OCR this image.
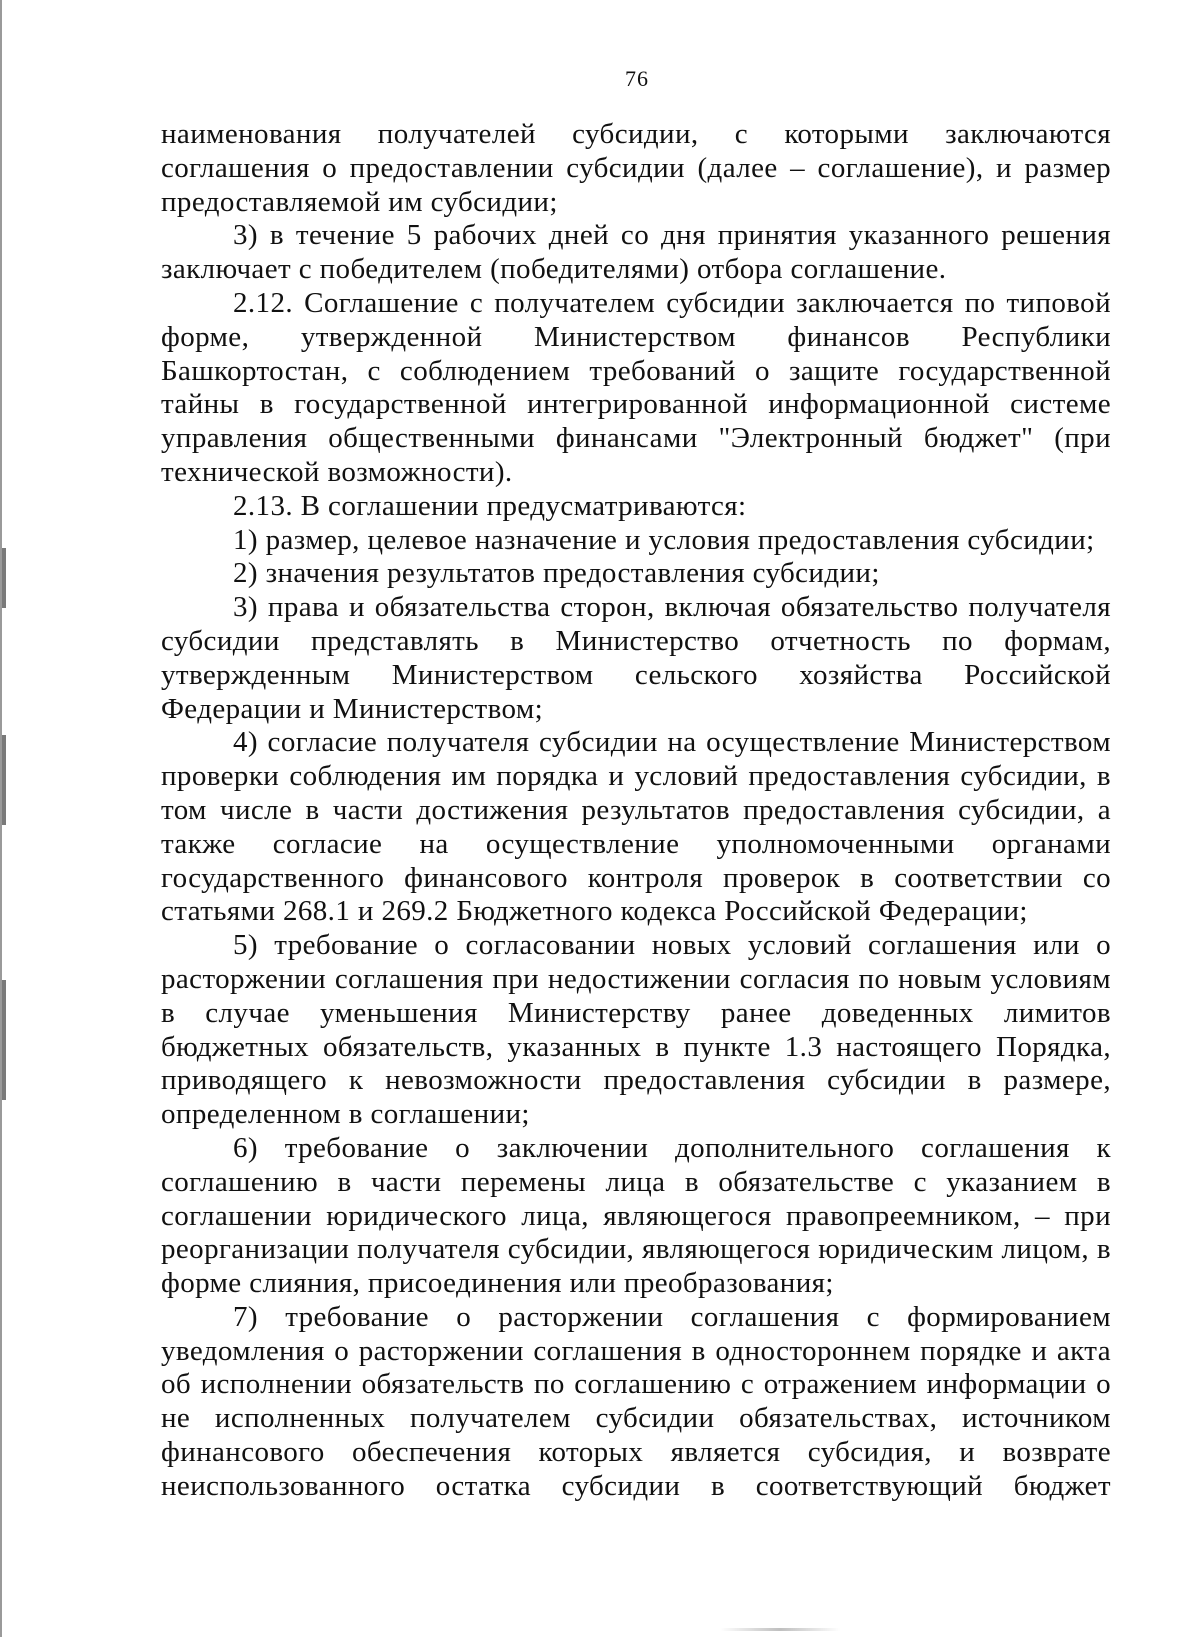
76

наименования получателей субсидии, с которыми заключаются соглашения о предоставлении субсидии (далее – соглашение), и размер предоставляемой им субсидии;

3) в течение 5 рабочих дней со дня принятия указанного решения заключает с победителем (победителями) отбора соглашение.

2.12. Соглашение с получателем субсидии заключается по типовой форме, утвержденной Министерством финансов Республики Башкортостан, с соблюдением требований о защите государственной тайны в государственной интегрированной информационной системе управления общественными финансами "Электронный бюджет" (при технической возможности).

2.13. В соглашении предусматриваются:

1) размер, целевое назначение и условия предоставления субсидии;

2) значения результатов предоставления субсидии;

3) права и обязательства сторон, включая обязательство получателя субсидии представлять в Министерство отчетность по формам, утвержденным Министерством сельского хозяйства Российской Федерации и Министерством;

4) согласие получателя субсидии на осуществление Министерством проверки соблюдения им порядка и условий предоставления субсидии, в том числе в части достижения результатов предоставления субсидии, а также согласие на осуществление уполномоченными органами государственного финансового контроля проверок в соответствии со статьями 268.1 и 269.2 Бюджетного кодекса Российской Федерации;

5) требование о согласовании новых условий соглашения или о расторжении соглашения при недостижении согласия по новым условиям в случае уменьшения Министерству ранее доведенных лимитов бюджетных обязательств, указанных в пункте 1.3 настоящего Порядка, приводящего к невозможности предоставления субсидии в размере, определенном в соглашении;

6) требование о заключении дополнительного соглашения к соглашению в части перемены лица в обязательстве с указанием в соглашении юридического лица, являющегося правопреемником, – при реорганизации получателя субсидии, являющегося юридическим лицом, в форме слияния, присоединения или преобразования;

7) требование о расторжении соглашения с формированием уведомления о расторжении соглашения в одностороннем порядке и акта об исполнении обязательств по соглашению с отражением информации о не исполненных получателем субсидии обязательствах, источником финансового обеспечения которых является субсидия, и возврате неиспользованного остатка субсидии в соответствующий бюджет
